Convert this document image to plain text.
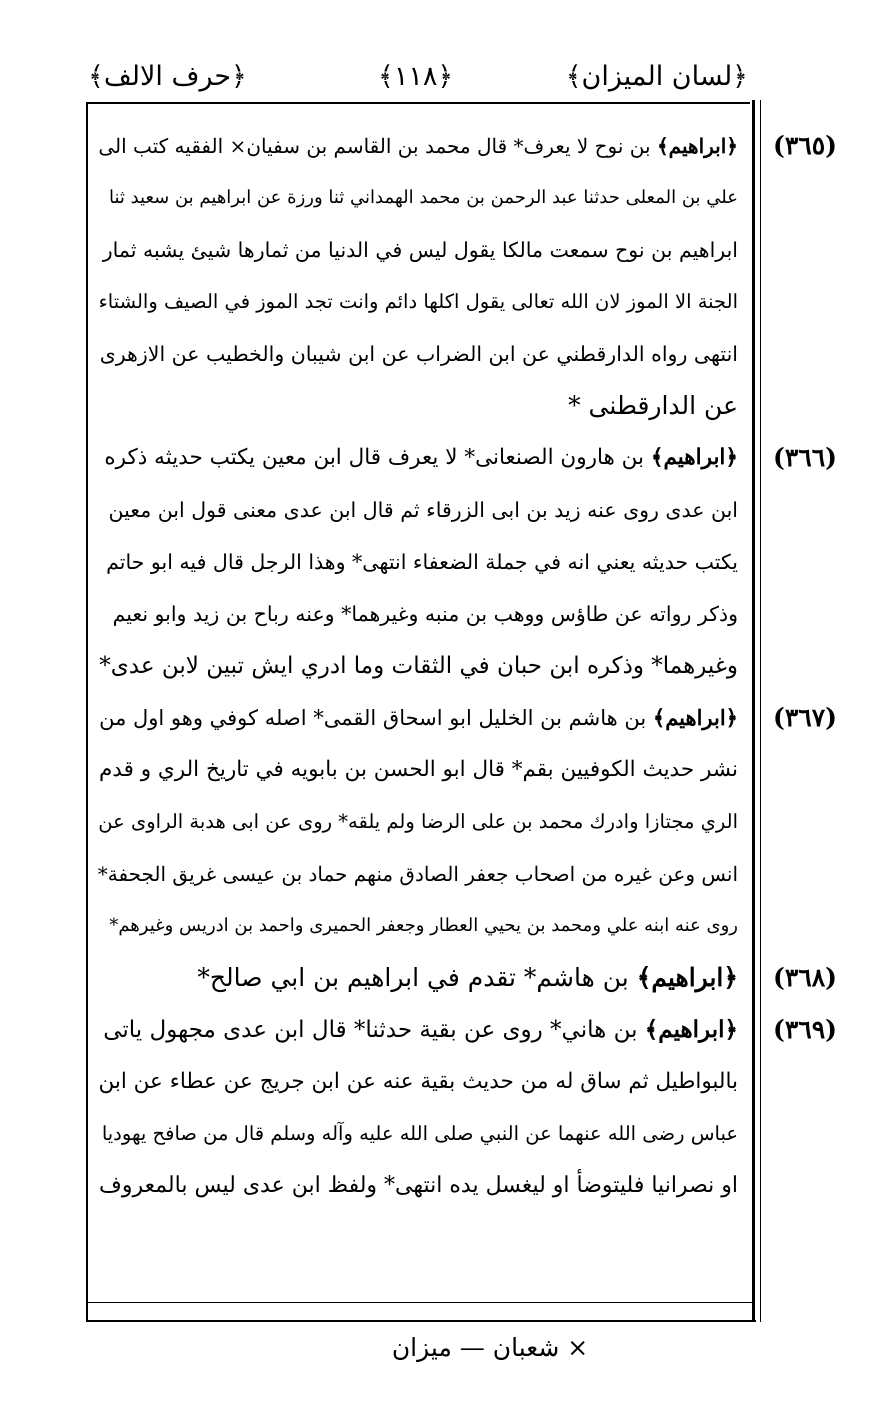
﴿لسان الميزان﴾
﴿١١٨﴾
﴿حرف الالف﴾
﴿ابراهيم﴾ بن نوح لا يعرف* قال محمد بن القاسم بن سفيان× الفقيه كتب الى
علي بن المعلى حدثنا عبد الرحمن بن محمد الهمداني ثنا ورزة عن ابراهيم بن سعيد ثنا
ابراهيم بن نوح سمعت مالكا يقول ليس في الدنيا من ثمارها شيئ يشبه ثمار
الجنة الا الموز لان الله تعالى يقول اكلها دائم وانت تجد الموز في الصيف والشتاء
انتهى رواه الدارقطني عن ابن الضراب عن ابن شيبان والخطيب عن الازهرى
عن الدارقطنى *
﴿ابراهيم﴾ بن هارون الصنعانى* لا يعرف قال ابن معين يكتب حديثه ذكره
ابن عدى روى عنه زيد بن ابى الزرقاء ثم قال ابن عدى معنى قول ابن معين
يكتب حديثه يعني انه في جملة الضعفاء انتهى* وهذا الرجل قال فيه ابو حاتم
وذكر رواته عن طاؤس ووهب بن منبه وغيرهما* وعنه رباح بن زيد وابو نعيم
وغيرهما* وذكره ابن حبان في الثقات وما ادري ايش تبين لابن عدى*
﴿ابراهيم﴾ بن هاشم بن الخليل ابو اسحاق القمى* اصله كوفي وهو اول من
نشر حديث الكوفيين بقم* قال ابو الحسن بن بابويه في تاريخ الري و قدم
الري مجتازا وادرك محمد بن على الرضا ولم يلقه* روى عن ابى هدبة الراوى عن
انس وعن غيره من اصحاب جعفر الصادق منهم حماد بن عيسى غريق الجحفة*
روى عنه ابنه علي ومحمد بن يحيي العطار وجعفر الحميرى واحمد بن ادريس وغيرهم*
﴿ابراهيم﴾ بن هاشم* تقدم في ابراهيم بن ابي صالح*
﴿ابراهيم﴾ بن هاني* روى عن بقية حدثنا* قال ابن عدى مجهول ياتى
بالبواطيل ثم ساق له من حديث بقية عنه عن ابن جريج عن عطاء عن ابن
عباس رضى الله عنهما عن النبي صلى الله عليه وآله وسلم قال من صافح يهوديا
او نصرانيا فليتوضأ او ليغسل يده انتهى* ولفظ ابن عدى ليس بالمعروف
(٣٦٥)
(٣٦٦)
(٣٦٧)
(٣٦٨)
(٣٦٩)
× شعبان — ميزان
